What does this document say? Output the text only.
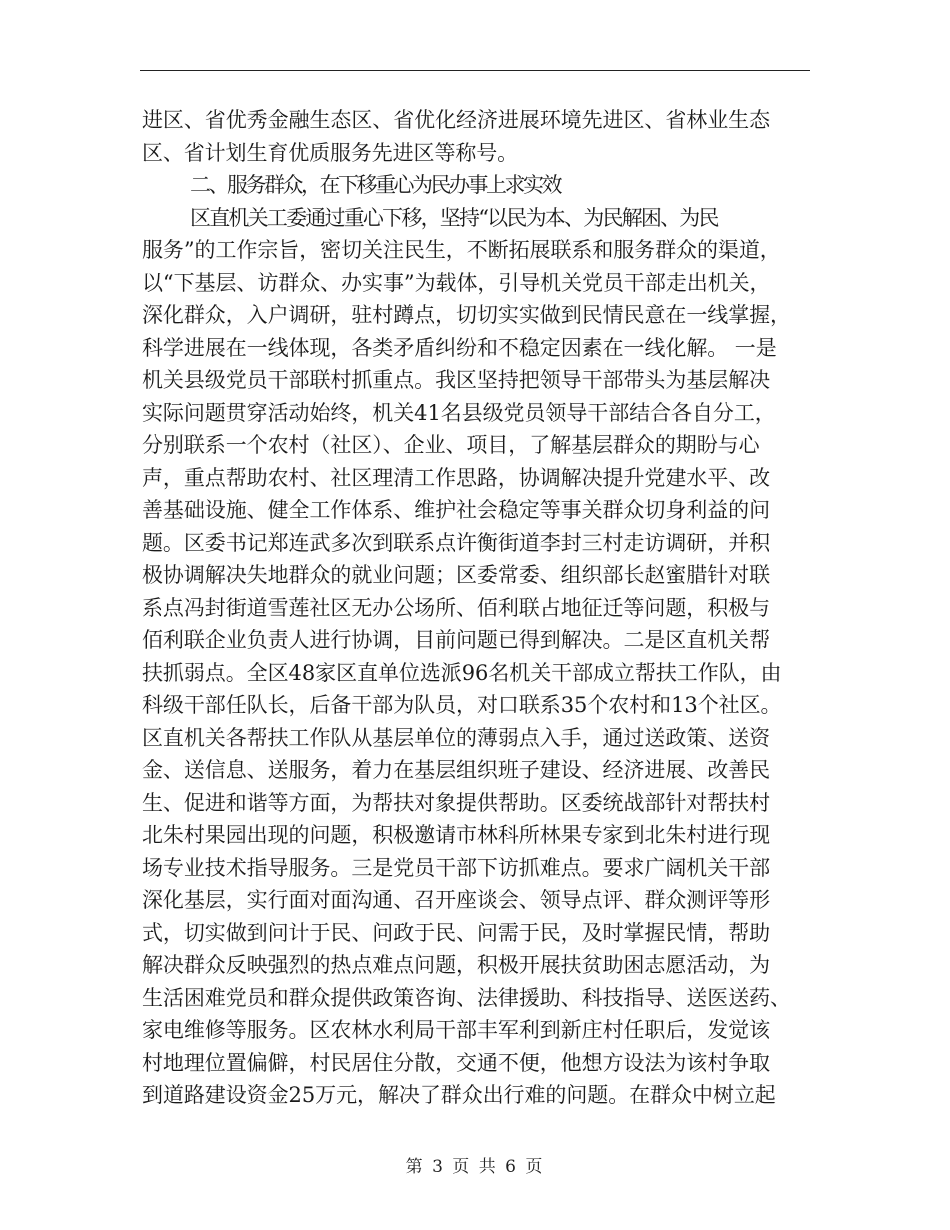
进区、省优秀金融生态区、省优化经济进展环境先进区、省林业生态
区、省计划生育优质服务先进区等称号。
二、服务群众，在下移重心为民办事上求实效
区直机关工委通过重心下移，坚持“以民为本、为民解困、为民
服务”的工作宗旨，密切关注民生，不断拓展联系和服务群众的渠道，
以“下基层、访群众、办实事”为载体，引导机关党员干部走出机关，
深化群众，入户调研，驻村蹲点，切切实实做到民情民意在一线掌握，
科学进展在一线体现，各类矛盾纠纷和不稳定因素在一线化解。 一是
机关县级党员干部联村抓重点。我区坚持把领导干部带头为基层解决
实际问题贯穿活动始终，机关41名县级党员领导干部结合各自分工，
分别联系一个农村（社区）、企业、项目，了解基层群众的期盼与心
声，重点帮助农村、社区理清工作思路，协调解决提升党建水平、改
善基础设施、健全工作体系、维护社会稳定等事关群众切身利益的问
题。区委书记郑连武多次到联系点许衡街道李封三村走访调研，并积
极协调解决失地群众的就业问题；区委常委、组织部长赵蜜腊针对联
系点冯封街道雪莲社区无办公场所、佰利联占地征迁等问题，积极与
佰利联企业负责人进行协调，目前问题已得到解决。二是区直机关帮
扶抓弱点。全区48家区直单位选派96名机关干部成立帮扶工作队，由
科级干部任队长，后备干部为队员，对口联系35个农村和13个社区。
区直机关各帮扶工作队从基层单位的薄弱点入手，通过送政策、送资
金、送信息、送服务，着力在基层组织班子建设、经济进展、改善民
生、促进和谐等方面，为帮扶对象提供帮助。区委统战部针对帮扶村
北朱村果园出现的问题，积极邀请市林科所林果专家到北朱村进行现
场专业技术指导服务。三是党员干部下访抓难点。要求广阔机关干部
深化基层，实行面对面沟通、召开座谈会、领导点评、群众测评等形
式，切实做到问计于民、问政于民、问需于民，及时掌握民情，帮助
解决群众反映强烈的热点难点问题，积极开展扶贫助困志愿活动，为
生活困难党员和群众提供政策咨询、法律援助、科技指导、送医送药、
家电维修等服务。区农林水利局干部丰军利到新庄村任职后，发觉该
村地理位置偏僻，村民居住分散，交通不便，他想方设法为该村争取
到道路建设资金25万元，解决了群众出行难的问题。在群众中树立起
第 3 页 共 6 页
